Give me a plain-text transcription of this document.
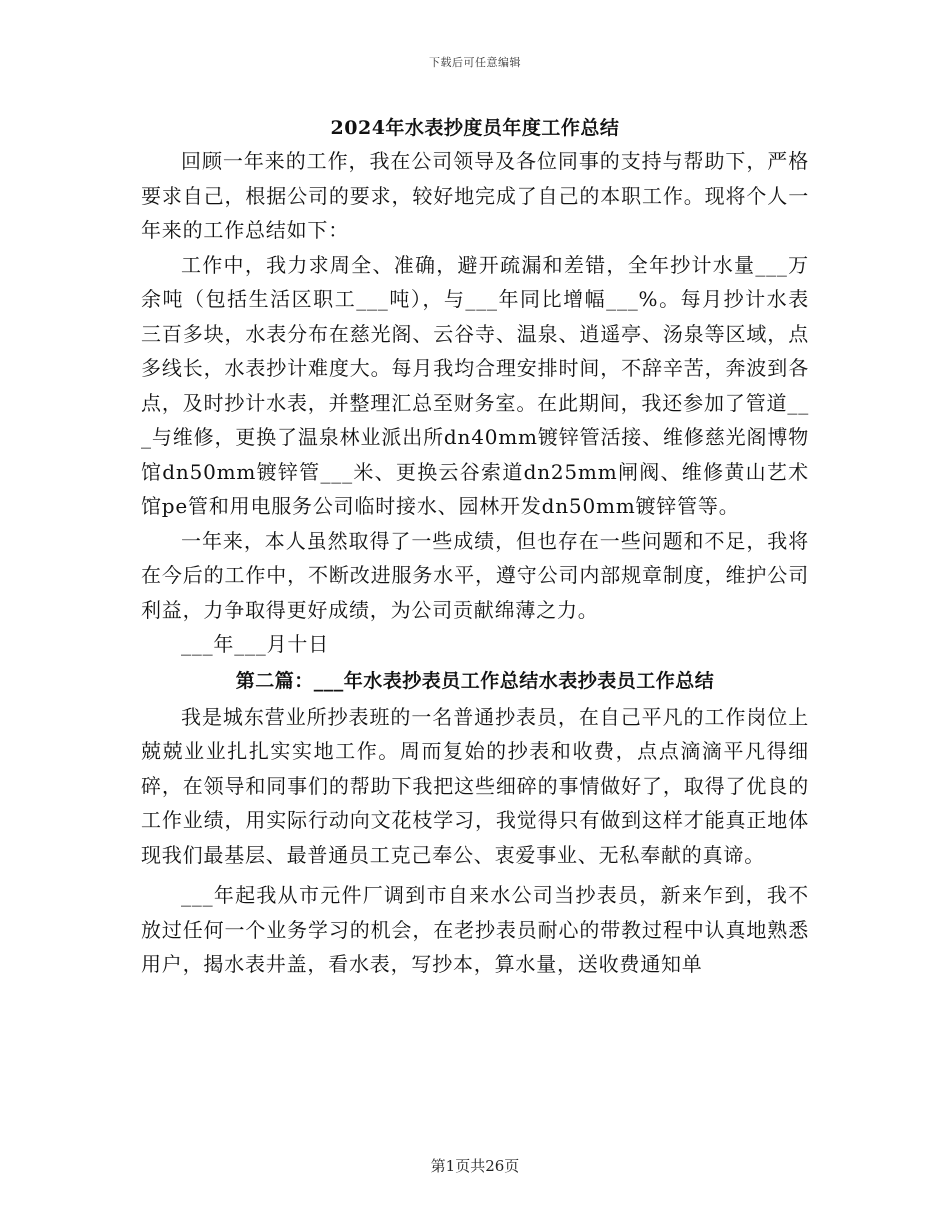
下载后可任意编辑
2024年水表抄度员年度工作总结

回顾一年来的工作，我在公司领导及各位同事的支持与帮助下，严格要求自己，根据公司的要求，较好地完成了自己的本职工作。现将个人一年来的工作总结如下：

工作中，我力求周全、准确，避开疏漏和差错，全年抄计水量___万余吨（包括生活区职工___吨），与___年同比增幅___%。每月抄计水表三百多块，水表分布在慈光阁、云谷寺、温泉、逍遥亭、汤泉等区域，点多线长，水表抄计难度大。每月我均合理安排时间，不辞辛苦，奔波到各点，及时抄计水表，并整理汇总至财务室。在此期间，我还参加了管道___与维修，更换了温泉林业派出所dn40mm镀锌管活接、维修慈光阁博物馆dn50mm镀锌管___米、更换云谷索道dn25mm闸阀、维修黄山艺术馆pe管和用电服务公司临时接水、园林开发dn50mm镀锌管等。

一年来，本人虽然取得了一些成绩，但也存在一些问题和不足，我将在今后的工作中，不断改进服务水平，遵守公司内部规章制度，维护公司利益，力争取得更好成绩，为公司贡献绵薄之力。

___年___月十日

第二篇：___年水表抄表员工作总结水表抄表员工作总结

我是城东营业所抄表班的一名普通抄表员，在自己平凡的工作岗位上兢兢业业扎扎实实地工作。周而复始的抄表和收费，点点滴滴平凡得细碎，在领导和同事们的帮助下我把这些细碎的事情做好了，取得了优良的工作业绩，用实际行动向文花枝学习，我觉得只有做到这样才能真正地体现我们最基层、最普通员工克己奉公、衷爱事业、无私奉献的真谛。

___年起我从市元件厂调到市自来水公司当抄表员，新来乍到，我不放过任何一个业务学习的机会，在老抄表员耐心的带教过程中认真地熟悉用户，揭水表井盖，看水表，写抄本，算水量，送收费通知单

第1页共26页
